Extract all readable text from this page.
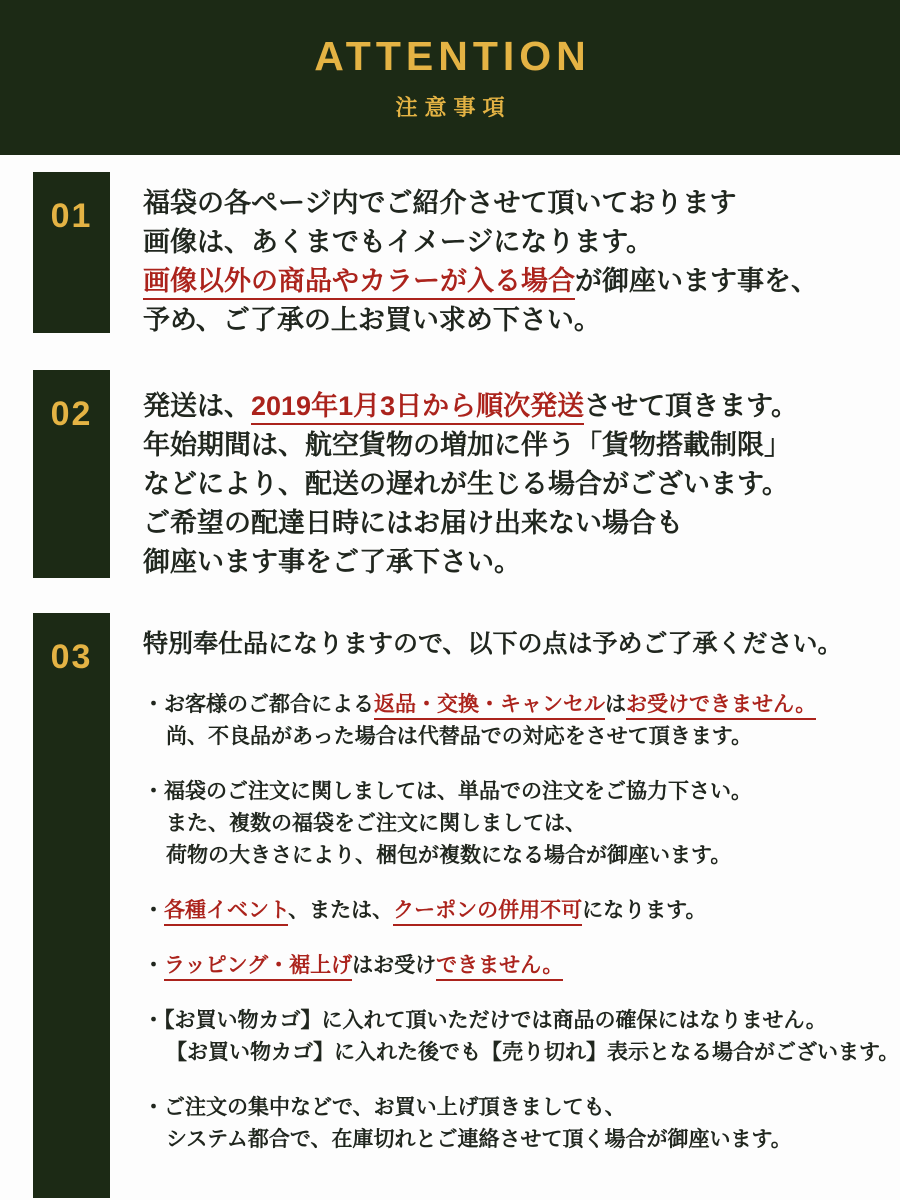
ATTENTION
注意事項
01	福袋の各ページ内でご紹介させて頂いております
画像は、あくまでもイメージになります。
画像以外の商品やカラーが入る場合が御座います事を、
予め、ご了承の上お買い求め下さい。
02	発送は、2019年1月3日から順次発送させて頂きます。
年始期間は、航空貨物の増加に伴う「貨物搭載制限」
などにより、配送の遅れが生じる場合がございます。
ご希望の配達日時にはお届け出来ない場合も
御座います事をご了承下さい。
03	特別奉仕品になりますので、以下の点は予めご了承ください。
・お客様のご都合による返品・交換・キャンセルはお受けできません。
尚、不良品があった場合は代替品での対応をさせて頂きます。
・福袋のご注文に関しましては、単品での注文をご協力下さい。
また、複数の福袋をご注文に関しましては、
荷物の大きさにより、梱包が複数になる場合が御座います。
・各種イベント、または、クーポンの併用不可になります。
・ラッピング・裾上げはお受けできません。
・【お買い物カゴ】に入れて頂いただけでは商品の確保にはなりません。
【お買い物カゴ】に入れた後でも【売り切れ】表示となる場合がございます。
・ご注文の集中などで、お買い上げ頂きましても、
システム都合で、在庫切れとご連絡させて頂く場合が御座います。
